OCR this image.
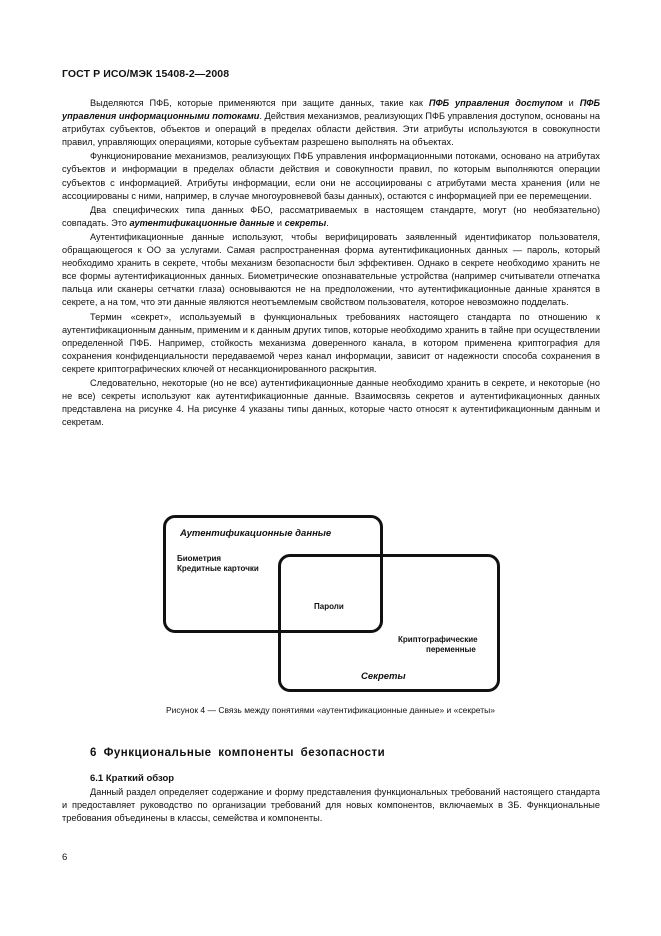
ГОСТ Р ИСО/МЭК 15408-2—2008

Выделяются ПФБ, которые применяются при защите данных, такие как ПФБ управления доступом и ПФБ управления информационными потоками. Действия механизмов, реализующих ПФБ управления доступом, основаны на атрибутах субъектов, объектов и операций в пределах области действия. Эти атрибуты используются в совокупности правил, управляющих операциями, которые субъектам разрешено выполнять на объектах.

Функционирование механизмов, реализующих ПФБ управления информационными потоками, основано на атрибутах субъектов и информации в пределах области действия и совокупности правил, по которым выполняются операции субъектов с информацией. Атрибуты информации, если они не ассоциированы с атрибутами места хранения (или не ассоциированы с ними, например, в случае многоуровневой базы данных), остаются с информацией при ее перемещении.

Два специфических типа данных ФБО, рассматриваемых в настоящем стандарте, могут (но необязательно) совпадать. Это аутентификационные данные и секреты.

Аутентификационные данные используют, чтобы верифицировать заявленный идентификатор пользователя, обращающегося к ОО за услугами. Самая распространенная форма аутентификационных данных — пароль, который необходимо хранить в секрете, чтобы механизм безопасности был эффективен. Однако в секрете необходимо хранить не все формы аутентификационных данных. Биометрические опознавательные устройства (например считыватели отпечатка пальца или сканеры сетчатки глаза) основываются не на предположении, что аутентификационные данные хранятся в секрете, а на том, что эти данные являются неотъемлемым свойством пользователя, которое невозможно подделать.

Термин «секрет», используемый в функциональных требованиях настоящего стандарта по отношению к аутентификационным данным, применим и к данным других типов, которые необходимо хранить в тайне при осуществлении определенной ПФБ. Например, стойкость механизма доверенного канала, в котором применена криптография для сохранения конфиденциальности передаваемой через канал информации, зависит от надежности способа сохранения в секрете криптографических ключей от несанкционированного раскрытия.

Следовательно, некоторые (но не все) аутентификационные данные необходимо хранить в секрете, и некоторые (но не все) секреты используют как аутентификационные данные. Взаимосвязь секретов и аутентификационных данных представлена на рисунке 4. На рисунке 4 указаны типы данных, которые часто относят к аутентификационным данным и секретам.

Аутентификационные данные
Биометрия
Кредитные карточки
Пароли
Криптографические
переменные
Секреты
Рисунок 4 — Связь между понятиями «аутентификационные данные» и «секреты»
6 Функциональные компоненты безопасности
6.1 Краткий обзор

Данный раздел определяет содержание и форму представления функциональных требований настоящего стандарта и предоставляет руководство по организации требований для новых компонентов, включаемых в ЗБ. Функциональные требования объединены в классы, семейства и компоненты.

6
